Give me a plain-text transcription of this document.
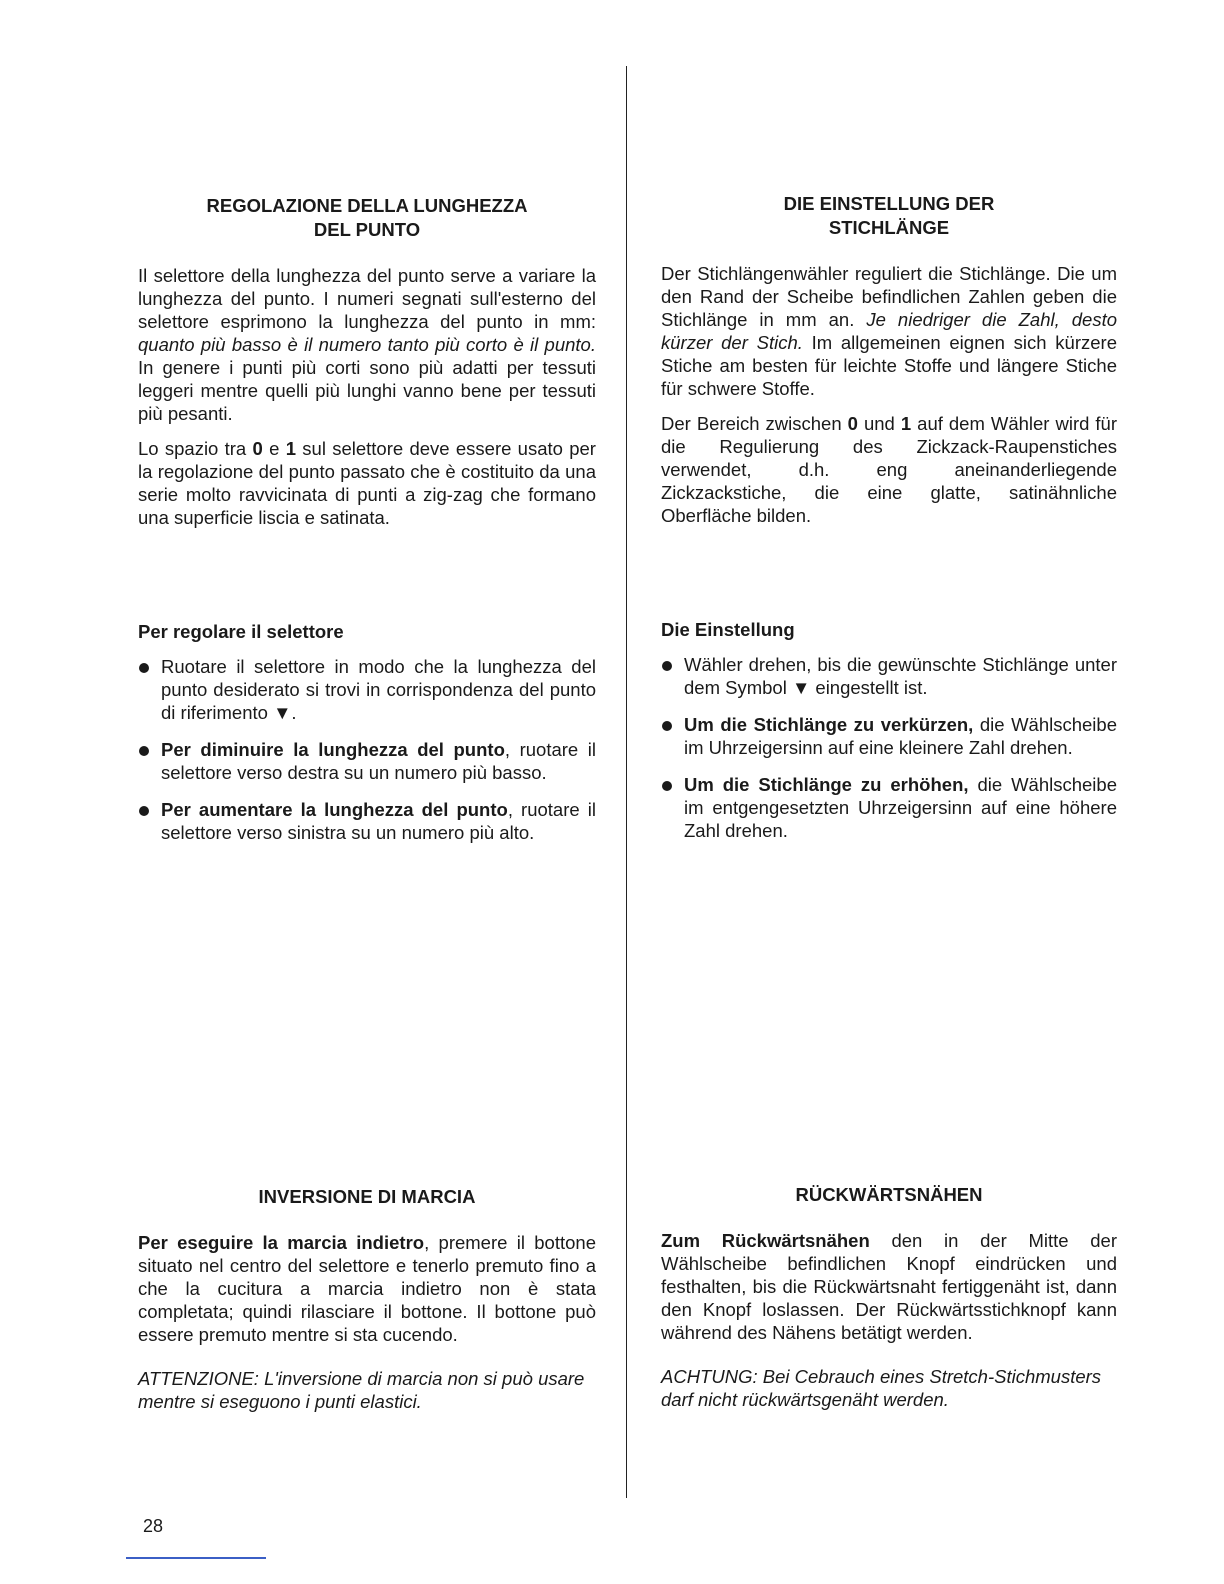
REGOLAZIONE DELLA LUNGHEZZA
DEL PUNTO

Il selettore della lunghezza del punto serve a variare la lunghezza del punto. I numeri segnati sull'esterno del selettore esprimono la lunghezza del punto in mm: quanto più basso è il numero tanto più corto è il punto. In genere i punti più corti sono più adatti per tessuti leggeri mentre quelli più lunghi vanno bene per tessuti più pesanti.

Lo spazio tra 0 e 1 sul selettore deve essere usato per la regolazione del punto passato che è costituito da una serie molto ravvicinata di punti a zig-zag che formano una superficie liscia e satinata.

Per regolare il selettore
Ruotare il selettore in modo che la lunghezza del punto desiderato si trovi in corrispondenza del punto di riferimento ▼.
Per diminuire la lunghezza del punto, ruotare il selettore verso destra su un numero più basso.
Per aumentare la lunghezza del punto, ruotare il selettore verso sinistra su un numero più alto.
INVERSIONE DI MARCIA

Per eseguire la marcia indietro, premere il bottone situato nel centro del selettore e tenerlo premuto fino a che la cucitura a marcia indietro non è stata completata; quindi rilasciare il bottone. Il bottone può essere premuto mentre si sta cucendo.

ATTENZIONE: L'inversione di marcia non si può usare mentre si eseguono i punti elastici.

DIE EINSTELLUNG DER
STICHLÄNGE

Der Stichlängenwähler reguliert die Stichlänge. Die um den Rand der Scheibe befindlichen Zahlen geben die Stichlänge in mm an. Je niedriger die Zahl, desto kürzer der Stich. Im allgemeinen eignen sich kürzere Stiche am besten für leichte Stoffe und längere Stiche für schwere Stoffe.

Der Bereich zwischen 0 und 1 auf dem Wähler wird für die Regulierung des Zickzack-Raupenstiches verwendet, d.h. eng aneinanderliegende Zickzackstiche, die eine glatte, satinähnliche Oberfläche bilden.

Die Einstellung
Wähler drehen, bis die gewünschte Stichlänge unter dem Symbol ▼ eingestellt ist.
Um die Stichlänge zu verkürzen, die Wählscheibe im Uhrzeigersinn auf eine kleinere Zahl drehen.
Um die Stichlänge zu erhöhen, die Wählscheibe im entgengesetzten Uhrzeigersinn auf eine höhere Zahl drehen.
RÜCKWÄRTSNÄHEN

Zum Rückwärtsnähen den in der Mitte der Wählscheibe befindlichen Knopf eindrücken und festhalten, bis die Rückwärtsnaht fertiggenäht ist, dann den Knopf loslassen. Der Rückwärtsstichknopf kann während des Nähens betätigt werden.

ACHTUNG: Bei Cebrauch eines Stretch-Stichmusters darf nicht rückwärtsgenäht werden.

28
